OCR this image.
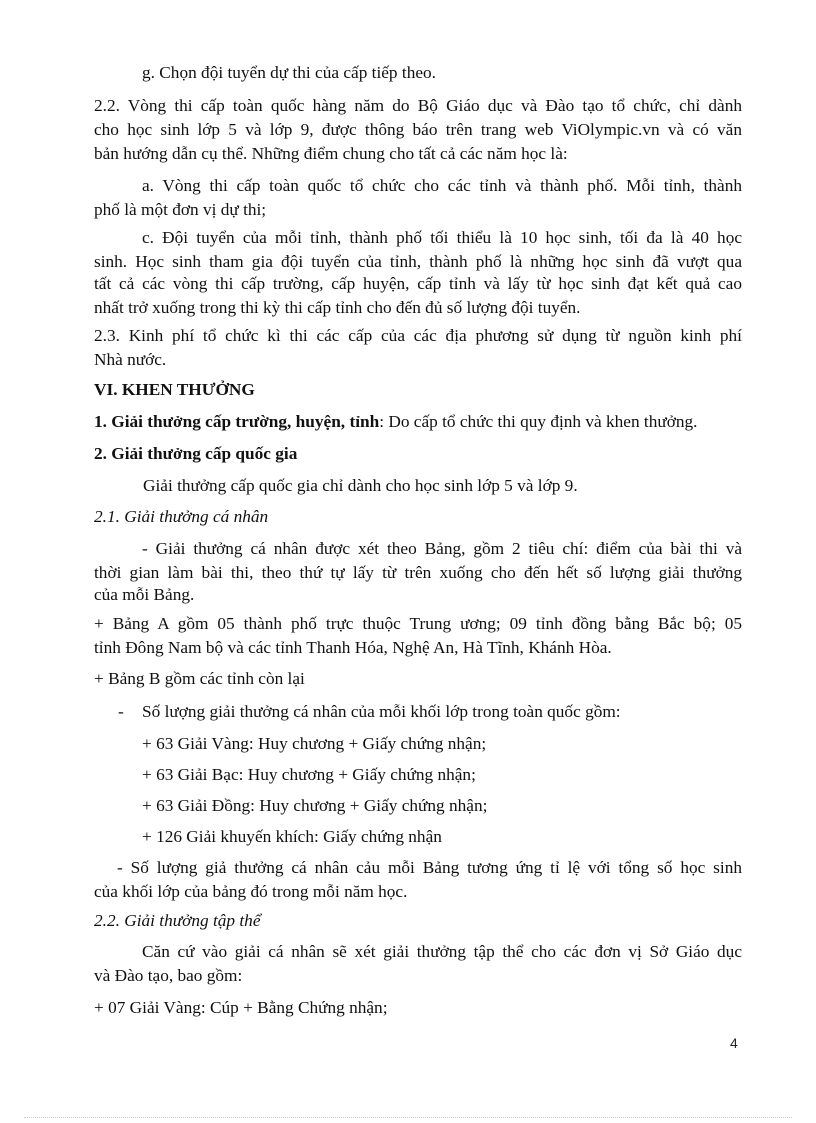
g. Chọn đội tuyển dự thi của cấp tiếp theo.
2.2. Vòng thi cấp toàn quốc hàng năm do Bộ Giáo dục và Đào tạo tổ chức, chỉ dành
cho học sinh lớp 5 và lớp 9, được thông báo trên trang web ViOlympic.vn và có văn
bản hướng dẫn cụ thể. Những điểm chung cho tất cả các năm học là:
a. Vòng thi cấp toàn quốc tổ chức cho các tỉnh và thành phố. Mỗi tỉnh, thành
phố là một đơn vị dự thi;
c. Đội tuyển của mỗi tỉnh, thành phố tối thiểu là 10 học sinh, tối đa là 40 học
sinh. Học sinh tham gia đội tuyển của tỉnh, thành phố là những học sinh đã vượt qua
tất cả các vòng thi cấp trường, cấp huyện, cấp tỉnh và lấy từ học sinh đạt kết quả cao
nhất trở xuống trong thi kỳ thi cấp tỉnh cho đến đủ số lượng đội tuyển.
2.3. Kinh phí tổ chức kì thi các cấp của các địa phương sử dụng từ nguồn kinh phí
Nhà nước.
VI. KHEN THƯỞNG
1. Giải thưởng cấp trường, huyện, tỉnh: Do cấp tổ chức thi quy định và khen thưởng.
2. Giải thưởng cấp quốc gia
Giải thưởng cấp quốc gia chỉ dành cho học sinh lớp 5 và lớp 9.
2.1. Giải thưởng cá nhân
- Giải thưởng cá nhân được xét theo Bảng, gồm 2 tiêu chí: điểm của bài thi và
thời gian làm bài thi, theo thứ tự lấy từ trên xuống cho đến hết số lượng giải thưởng
của mỗi Bảng.
+ Bảng A gồm 05 thành phố trực thuộc Trung ương; 09 tỉnh đồng bằng Bắc bộ; 05
tỉnh Đông Nam bộ và các tỉnh Thanh Hóa, Nghệ An, Hà Tĩnh, Khánh Hòa.
+ Bảng B gồm các tỉnh còn lại
- Số lượng giải thưởng cá nhân của mỗi khối lớp trong toàn quốc gồm:
+ 63 Giải Vàng: Huy chương + Giấy chứng nhận;
+ 63 Giải Bạc: Huy chương + Giấy chứng nhận;
+ 63 Giải Đồng: Huy chương + Giấy chứng nhận;
+ 126 Giải khuyến khích: Giấy chứng nhận
- Số lượng giả thưởng cá nhân cảu mỗi Bảng tương ứng tỉ lệ với tổng số học sinh
của khối lớp của bảng đó trong mỗi năm học.
2.2. Giải thưởng tập thể
Căn cứ vào giải cá nhân sẽ xét giải thưởng tập thể cho các đơn vị Sở Giáo dục
và Đào tạo, bao gồm:
+ 07 Giải Vàng: Cúp + Bằng Chứng nhận;
4
